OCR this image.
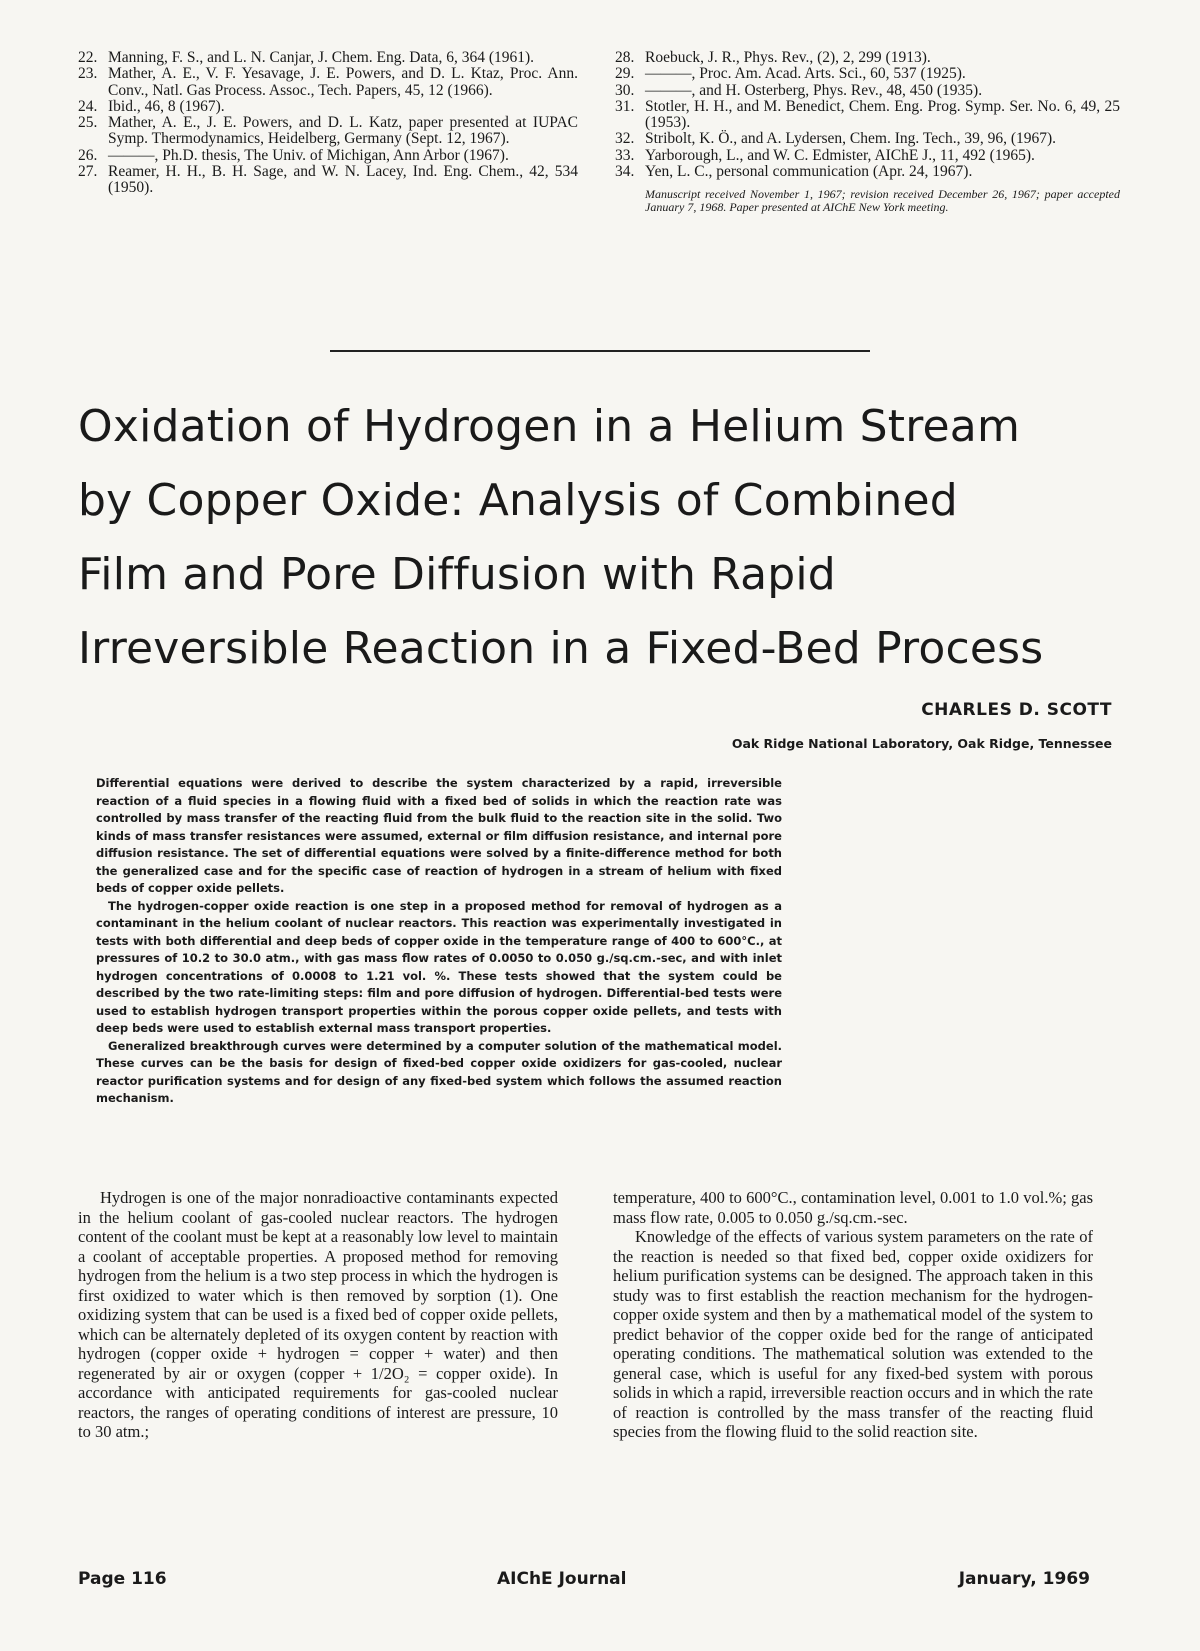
22. Manning, F. S., and L. N. Canjar, J. Chem. Eng. Data, 6, 364 (1961).
23. Mather, A. E., V. F. Yesavage, J. E. Powers, and D. L. Ktaz, Proc. Ann. Conv., Natl. Gas Process. Assoc., Tech. Papers, 45, 12 (1966).
24. Ibid., 46, 8 (1967).
25. Mather, A. E., J. E. Powers, and D. L. Katz, paper presented at IUPAC Symp. Thermodynamics, Heidelberg, Germany (Sept. 12, 1967).
26. ———, Ph.D. thesis, The Univ. of Michigan, Ann Arbor (1967).
27. Reamer, H. H., B. H. Sage, and W. N. Lacey, Ind. Eng. Chem., 42, 534 (1950).
28. Roebuck, J. R., Phys. Rev., (2), 2, 299 (1913).
29. ———, Proc. Am. Acad. Arts. Sci., 60, 537 (1925).
30. ———, and H. Osterberg, Phys. Rev., 48, 450 (1935).
31. Stotler, H. H., and M. Benedict, Chem. Eng. Prog. Symp. Ser. No. 6, 49, 25 (1953).
32. Stribolt, K. Ö., and A. Lydersen, Chem. Ing. Tech., 39, 96, (1967).
33. Yarborough, L., and W. C. Edmister, AIChE J., 11, 492 (1965).
34. Yen, L. C., personal communication (Apr. 24, 1967).

Manuscript received November 1, 1967; revision received December 26, 1967; paper accepted January 7, 1968. Paper presented at AIChE New York meeting.

Oxidation of Hydrogen in a Helium Stream
by Copper Oxide: Analysis of Combined
Film and Pore Diffusion with Rapid
Irreversible Reaction in a Fixed-Bed Process

CHARLES D. SCOTT

Oak Ridge National Laboratory, Oak Ridge, Tennessee

Differential equations were derived to describe the system characterized by a rapid, irreversible reaction of a fluid species in a flowing fluid with a fixed bed of solids in which the reaction rate was controlled by mass transfer of the reacting fluid from the bulk fluid to the reaction site in the solid. Two kinds of mass transfer resistances were assumed, external or film diffusion resistance, and internal pore diffusion resistance. The set of differential equations were solved by a finite-difference method for both the generalized case and for the specific case of reaction of hydrogen in a stream of helium with fixed beds of copper oxide pellets.

The hydrogen-copper oxide reaction is one step in a proposed method for removal of hydrogen as a contaminant in the helium coolant of nuclear reactors. This reaction was experimentally investigated in tests with both differential and deep beds of copper oxide in the temperature range of 400 to 600°C., at pressures of 10.2 to 30.0 atm., with gas mass flow rates of 0.0050 to 0.050 g./sq.cm.-sec, and with inlet hydrogen concentrations of 0.0008 to 1.21 vol. %. These tests showed that the system could be described by the two rate-limiting steps: film and pore diffusion of hydrogen. Differential-bed tests were used to establish hydrogen transport properties within the porous copper oxide pellets, and tests with deep beds were used to establish external mass transport properties.

Generalized breakthrough curves were determined by a computer solution of the mathematical model. These curves can be the basis for design of fixed-bed copper oxide oxidizers for gas-cooled, nuclear reactor purification systems and for design of any fixed-bed system which follows the assumed reaction mechanism.

Hydrogen is one of the major nonradioactive contaminants expected in the helium coolant of gas-cooled nuclear reactors. The hydrogen content of the coolant must be kept at a reasonably low level to maintain a coolant of acceptable properties. A proposed method for removing hydrogen from the helium is a two step process in which the hydrogen is first oxidized to water which is then removed by sorption (1). One oxidizing system that can be used is a fixed bed of copper oxide pellets, which can be alternately depleted of its oxygen content by reaction with hydrogen (copper oxide + hydrogen = copper + water) and then regenerated by air or oxygen (copper + 1/2O₂ = copper oxide). In accordance with anticipated requirements for gas-cooled nuclear reactors, the ranges of operating conditions of interest are pressure, 10 to 30 atm.;

temperature, 400 to 600°C., contamination level, 0.001 to 1.0 vol.%; gas mass flow rate, 0.005 to 0.050 g./sq.cm.-sec.

Knowledge of the effects of various system parameters on the rate of the reaction is needed so that fixed bed, copper oxide oxidizers for helium purification systems can be designed. The approach taken in this study was to first establish the reaction mechanism for the hydrogen-copper oxide system and then by a mathematical model of the system to predict behavior of the copper oxide bed for the range of anticipated operating conditions. The mathematical solution was extended to the general case, which is useful for any fixed-bed system with porous solids in which a rapid, irreversible reaction occurs and in which the rate of reaction is controlled by the mass transfer of the reacting fluid species from the flowing fluid to the solid reaction site.

Page 116	AIChE Journal	January, 1969
